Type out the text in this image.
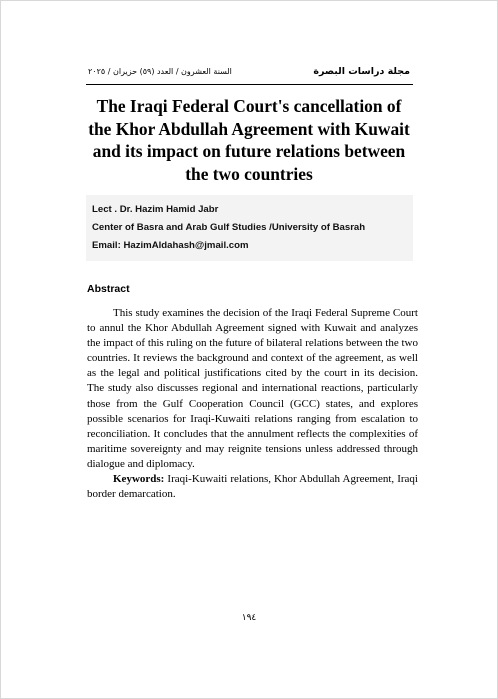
السنة العشرون / العدد (٥٩) حزيران / ٢٠٢٥	مجلة دراسات البصرة
The Iraqi Federal Court's cancellation of
the Khor Abdullah Agreement with Kuwait
and its impact on future relations between
the two countries
Lect . Dr. Hazim Hamid Jabr
Center of Basra and Arab Gulf Studies /University of Basrah
Email: HazimAldahash@jmail.com
Abstract

This study examines the decision of the Iraqi Federal Supreme Court to annul the Khor Abdullah Agreement signed with Kuwait and analyzes the impact of this ruling on the future of bilateral relations between the two countries. It reviews the background and context of the agreement, as well as the legal and political justifications cited by the court in its decision. The study also discusses regional and international reactions, particularly those from the Gulf Cooperation Council (GCC) states, and explores possible scenarios for Iraqi-Kuwaiti relations ranging from escalation to reconciliation. It concludes that the annulment reflects the complexities of maritime sovereignty and may reignite tensions unless addressed through dialogue and diplomacy.

Keywords: Iraqi-Kuwaiti relations, Khor Abdullah Agreement, Iraqi border demarcation.

١٩٤
